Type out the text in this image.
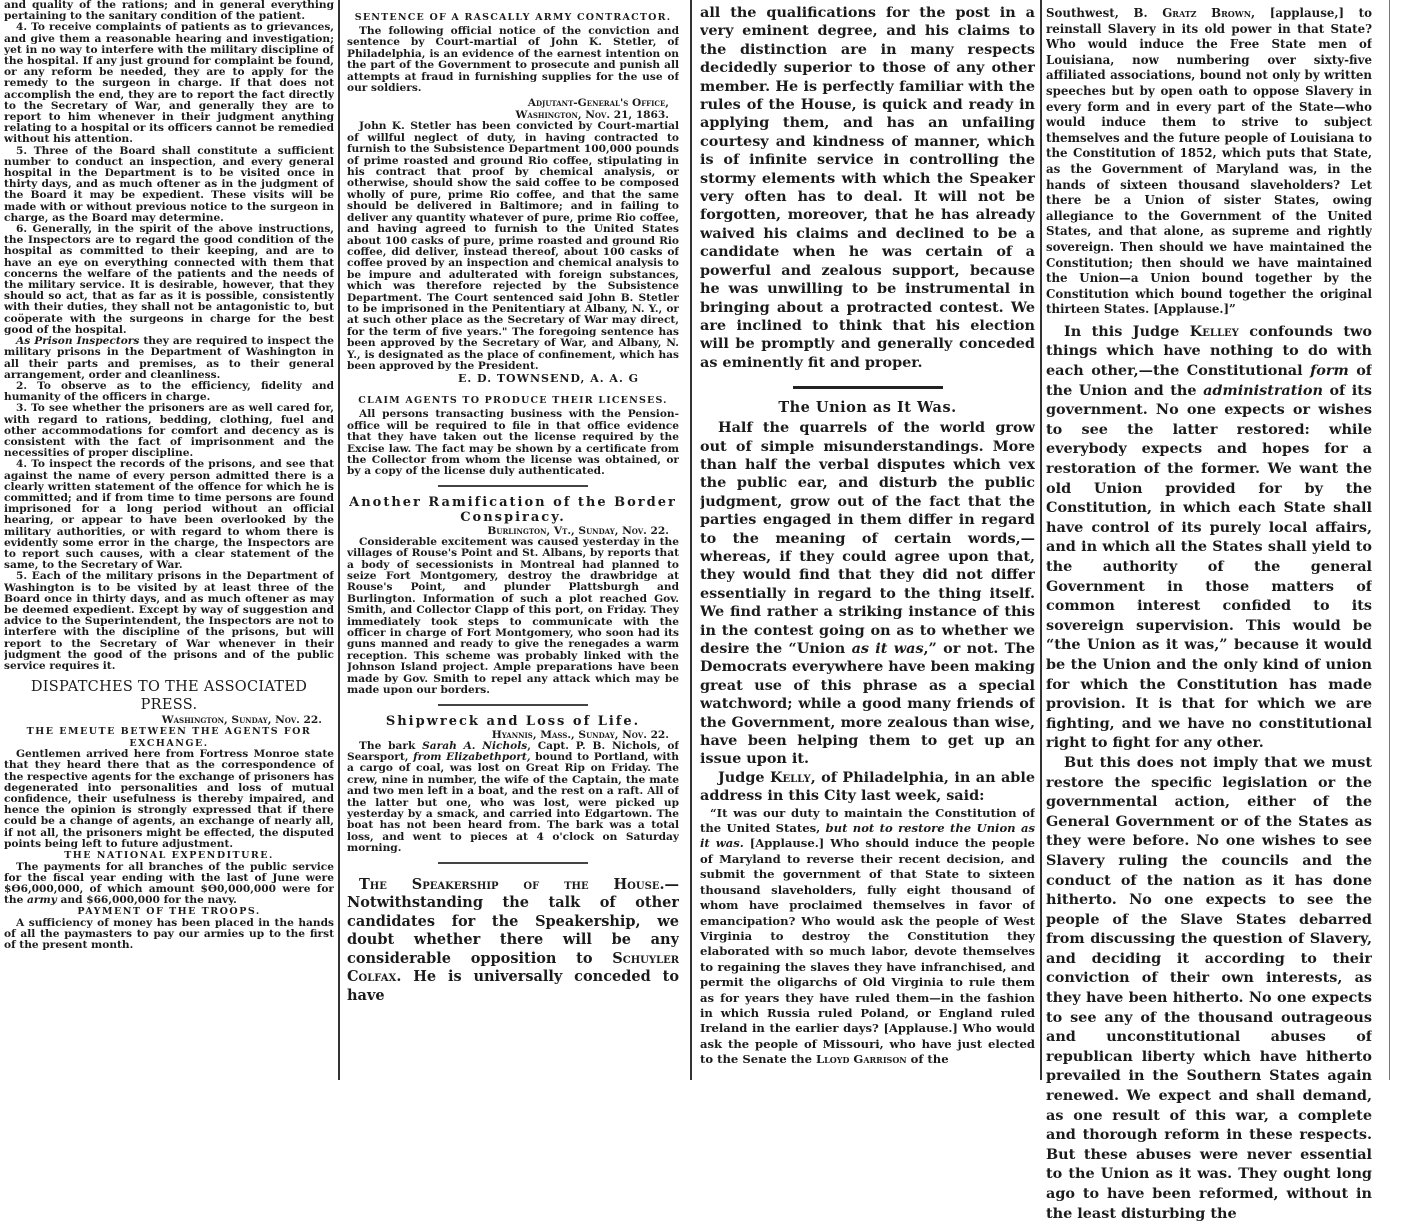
and quality of the rations; and in general everything pertaining to the sanitary condition of the patient.

4. To receive complaints of patients as to grievances, and give them a reasonable hearing and investigation; yet in no way to interfere with the military discipline of the hospital. If any just ground for complaint be found, or any reform be needed, they are to apply for the remedy to the surgeon in charge. If that does not accomplish the end, they are to report the fact directly to the Secretary of War, and generally they are to report to him whenever in their judgment anything relating to a hospital or its officers cannot be remedied without his attention.

5. Three of the Board shall constitute a sufficient number to conduct an inspection, and every general hospital in the Department is to be visited once in thirty days, and as much oftener as in the judgment of the Board it may be expedient. These visits will be made with or without previous notice to the surgeon in charge, as the Board may determine.

6. Generally, in the spirit of the above instructions, the Inspectors are to regard the good condition of the hospital as committed to their keeping, and are to have an eye on everything connected with them that concerns the welfare of the patients and the needs of the military service. It is desirable, however, that they should so act, that as far as it is possible, consistently with their duties, they shall not be antagonistic to, but coöperate with the surgeons in charge for the best good of the hospital.

As Prison Inspectors they are required to inspect the military prisons in the Department of Washington in all their parts and premises, as to their general arrangement, order and cleanliness.

2. To observe as to the efficiency, fidelity and humanity of the officers in charge.

3. To see whether the prisoners are as well cared for, with regard to rations, bedding, clothing, fuel and other accommodations for comfort and decency as is consistent with the fact of imprisonment and the necessities of proper discipline.

4. To inspect the records of the prisons, and see that against the name of every person admitted there is a clearly written statement of the offence for which he is committed; and if from time to time persons are found imprisoned for a long period without an official hearing, or appear to have been overlooked by the military authorities, or with regard to whom there is evidently some error in the charge, the Inspectors are to report such causes, with a clear statement of the same, to the Secretary of War.

5. Each of the military prisons in the Department of Washington is to be visited by at least three of the Board once in thirty days, and as much oftener as may be deemed expedient. Except by way of suggestion and advice to the Superintendent, the Inspectors are not to interfere with the discipline of the prisons, but will report to the Secretary of War whenever in their judgment the good of the prisons and of the public service requires it.

DISPATCHES TO THE ASSOCIATED PRESS.
Washington, Sunday, Nov. 22.
THE EMEUTE BETWEEN THE AGENTS FOR EXCHANGE.

Gentlemen arrived here from Fortress Monroe state that they heard there that as the correspondence of the respective agents for the exchange of prisoners has degenerated into personalities and loss of mutual confidence, their usefulness is thereby impaired, and hence the opinion is strongly expressed that if there could be a change of agents, an exchange of nearly all, if not all, the prisoners might be effected, the disputed points being left to future adjustment.

THE NATIONAL EXPENDITURE.

The payments for all branches of the public service for the fiscal year ending with the last of June were $Ө6,000,000, of which amount $Ө0,000,000 were for the army and $66,000,000 for the navy.

PAYMENT OF THE TROOPS.

A sufficiency of money has been placed in the hands of all the paymasters to pay our armies up to the first of the present month.

SENTENCE OF A RASCALLY ARMY CONTRACTOR.

The following official notice of the conviction and sentence by Court-martial of John K. Stetler, of Philadelphia, is an evidence of the earnest intention on the part of the Government to prosecute and punish all attempts at fraud in furnishing supplies for the use of our soldiers.

Adjutant-General's Office,
Washington, Nov. 21, 1863.

John K. Stetler has been convicted by Court-martial of willful neglect of duty, in having contracted to furnish to the Subsistence Department 100,000 pounds of prime roasted and ground Rio coffee, stipulating in his contract that proof by chemical analysis, or otherwise, should show the said coffee to be composed wholly of pure, prime Rio coffee, and that the same should be delivered in Baltimore; and in failing to deliver any quantity whatever of pure, prime Rio coffee, and having agreed to furnish to the United States about 100 casks of pure, prime roasted and ground Rio coffee, did deliver, instead thereof, about 100 casks of coffee proved by an inspection and chemical analysis to be impure and adulterated with foreign substances, which was therefore rejected by the Subsistence Department. The Court sentenced said John B. Stetler to be imprisoned in the Penitentiary at Albany, N. Y., or at such other place as the Secretary of War may direct, for the term of five years." The foregoing sentence has been approved by the Secretary of War, and Albany, N. Y., is designated as the place of confinement, which has been approved by the President.

E. D. TOWNSEND, A. A. G
CLAIM AGENTS TO PRODUCE THEIR LICENSES.

All persons transacting business with the Pension-office will be required to file in that office evidence that they have taken out the license required by the Excise law. The fact may be shown by a certificate from the Collector from whom the license was obtained, or by a copy of the license duly authenticated.

Another Ramification of the Border Conspiracy.
Burlington, Vt., Sunday, Nov. 22.

Considerable excitement was caused yesterday in the villages of Rouse's Point and St. Albans, by reports that a body of secessionists in Montreal had planned to seize Fort Montgomery, destroy the drawbridge at Rouse's Point, and plunder Plattsburgh and Burlington. Information of such a plot reached Gov. Smith, and Collector Clapp of this port, on Friday. They immediately took steps to communicate with the officer in charge of Fort Montgomery, who soon had its guns manned and ready to give the renegades a warm reception. This scheme was probably linked with the Johnson Island project. Ample preparations have been made by Gov. Smith to repel any attack which may be made upon our borders.

Shipwreck and Loss of Life.
Hyannis, Mass., Sunday, Nov. 22.

The bark Sarah A. Nichols, Capt. P. B. Nichols, of Searsport, from Elizabethport, bound to Portland, with a cargo of coal, was lost on Great Rip on Friday. The crew, nine in number, the wife of the Captain, the mate and two men left in a boat, and the rest on a raft. All of the latter but one, who was lost, were picked up yesterday by a smack, and carried into Edgartown. The boat has not been heard from. The bark was a total loss, and went to pieces at 4 o'clock on Saturday morning.

The Speakership of the House.—Notwithstanding the talk of other candidates for the Speakership, we doubt whether there will be any considerable opposition to Schuyler Colfax. He is universally conceded to have

all the qualifications for the post in a very eminent degree, and his claims to the distinction are in many respects decidedly superior to those of any other member. He is perfectly familiar with the rules of the House, is quick and ready in applying them, and has an unfailing courtesy and kindness of manner, which is of infinite service in controlling the stormy elements with which the Speaker very often has to deal. It will not be forgotten, moreover, that he has already waived his claims and declined to be a candidate when he was certain of a powerful and zealous support, because he was unwilling to be instrumental in bringing about a protracted contest. We are inclined to think that his election will be promptly and generally conceded as eminently fit and proper.

The Union as It Was.

Half the quarrels of the world grow out of simple misunderstandings. More than half the verbal disputes which vex the public ear, and disturb the public judgment, grow out of the fact that the parties engaged in them differ in regard to the meaning of certain words,—whereas, if they could agree upon that, they would find that they did not differ essentially in regard to the thing itself. We find rather a striking instance of this in the contest going on as to whether we desire the “Union as it was,” or not. The Democrats everywhere have been making great use of this phrase as a special watchword; while a good many friends of the Government, more zealous than wise, have been helping them to get up an issue upon it.

Judge Kelly, of Philadelphia, in an able address in this City last week, said:

“It was our duty to maintain the Constitution of the United States, but not to restore the Union as it was. [Applause.] Who should induce the people of Maryland to reverse their recent decision, and submit the government of that State to sixteen thousand slaveholders, fully eight thousand of whom have proclaimed themselves in favor of emancipation? Who would ask the people of West Virginia to destroy the Constitution they elaborated with so much labor, devote themselves to regaining the slaves they have infranchised, and permit the oligarchs of Old Virginia to rule them as for years they have ruled them—in the fashion in which Russia ruled Poland, or England ruled Ireland in the earlier days? [Applause.] Who would ask the people of Missouri, who have just elected to the Senate the Lloyd Garrison of the

Southwest, B. Gratz Brown, [applause,] to reinstall Slavery in its old power in that State? Who would induce the Free State men of Louisiana, now numbering over sixty-five affiliated associations, bound not only by written speeches but by open oath to oppose Slavery in every form and in every part of the State—who would induce them to strive to subject themselves and the future people of Louisiana to the Constitution of 1852, which puts that State, as the Government of Maryland was, in the hands of sixteen thousand slaveholders? Let there be a Union of sister States, owing allegiance to the Government of the United States, and that alone, as supreme and rightly sovereign. Then should we have maintained the Constitution; then should we have maintained the Union—a Union bound together by the Constitution which bound together the original thirteen States. [Applause.]”

In this Judge Kelley confounds two things which have nothing to do with each other,—the Constitutional form of the Union and the administration of its government. No one expects or wishes to see the latter restored: while everybody expects and hopes for a restoration of the former. We want the old Union provided for by the Constitution, in which each State shall have control of its purely local affairs, and in which all the States shall yield to the authority of the general Government in those matters of common interest confided to its sovereign supervision. This would be “the Union as it was,” because it would be the Union and the only kind of union for which the Constitution has made provision. It is that for which we are fighting, and we have no constitutional right to fight for any other.

But this does not imply that we must restore the specific legislation or the governmental action, either of the General Government or of the States as they were before. No one wishes to see Slavery ruling the councils and the conduct of the nation as it has done hitherto. No one expects to see the people of the Slave States debarred from discussing the question of Slavery, and deciding it according to their conviction of their own interests, as they have been hitherto. No one expects to see any of the thousand outrageous and unconstitutional abuses of republican liberty which have hitherto prevailed in the Southern States again renewed. We expect and shall demand, as one result of this war, a complete and thorough reform in these respects. But these abuses were never essential to the Union as it was. They ought long ago to have been reformed, without in the least disturbing the
